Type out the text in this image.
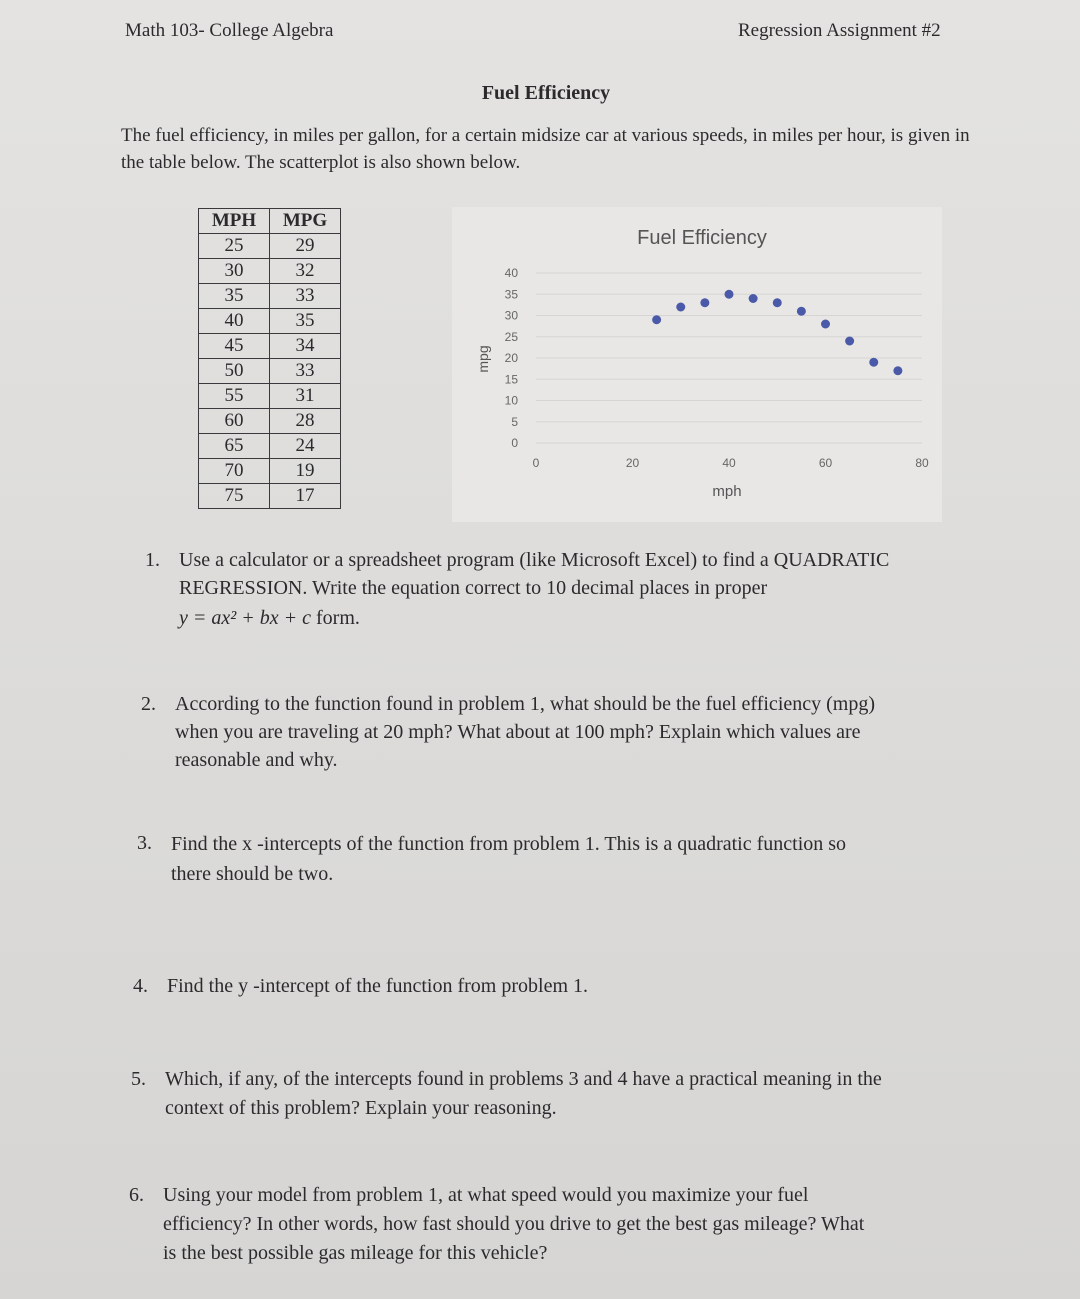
Math 103- College Algebra	Regression Assignment #2
Fuel Efficiency
The fuel efficiency, in miles per gallon, for a certain midsize car at various speeds, in miles per hour, is given in the table below. The scatterplot is also shown below.
MPH	MPG
25	29
30	32
35	33
40	35
45	34
50	33
55	31
60	28
65	24
70	19
75	17
Fuel Efficiency
0
5
10
15
20
25
30
35
40
0	20	40	60	80
mph
mpg
1. Use a calculator or a spreadsheet program (like Microsoft Excel) to find a QUADRATIC
REGRESSION. Write the equation correct to 10 decimal places in proper
y = ax² + bx + c form.
2. According to the function found in problem 1, what should be the fuel efficiency (mpg)
when you are traveling at 20 mph? What about at 100 mph? Explain which values are
reasonable and why.
3. Find the x -intercepts of the function from problem 1. This is a quadratic function so
there should be two.
4. Find the y -intercept of the function from problem 1.
5. Which, if any, of the intercepts found in problems 3 and 4 have a practical meaning in the
context of this problem? Explain your reasoning.
6. Using your model from problem 1, at what speed would you maximize your fuel
efficiency? In other words, how fast should you drive to get the best gas mileage? What
is the best possible gas mileage for this vehicle?
